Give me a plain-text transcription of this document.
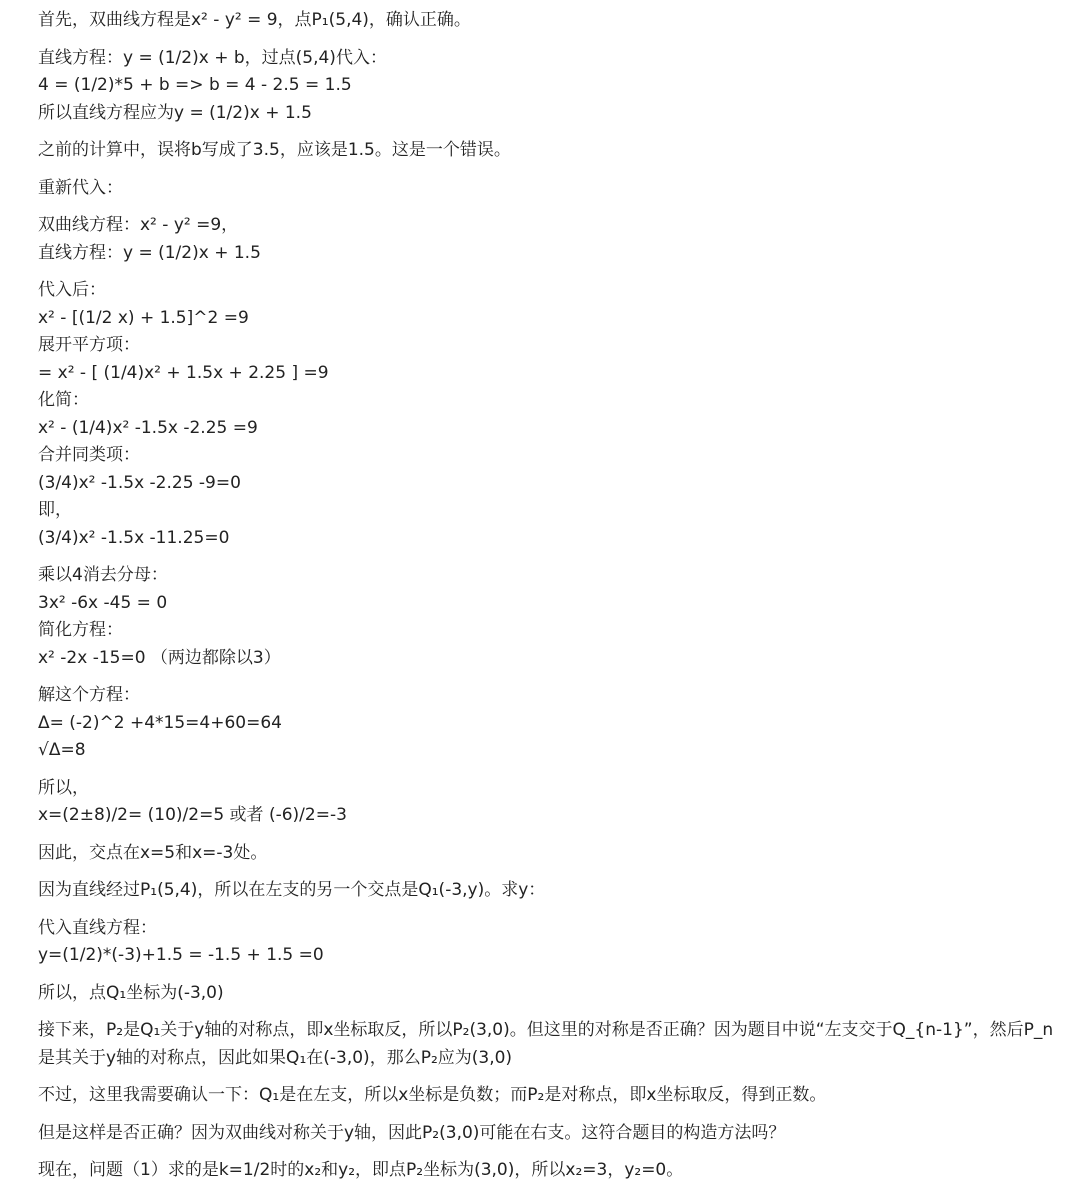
首先，双曲线方程是x² - y² = 9，点P₁(5,4)，确认正确。
直线方程：y = (1/2)x + b，过点(5,4)代入：
4 = (1/2)*5 + b => b = 4 - 2.5 = 1.5
所以直线方程应为y = (1/2)x + 1.5
之前的计算中，误将b写成了3.5，应该是1.5。这是一个错误。
重新代入：
双曲线方程：x² - y² =9，
直线方程：y = (1/2)x + 1.5
代入后：
x² - [(1/2 x) + 1.5]^2 =9
展开平方项：
= x² - [ (1/4)x² + 1.5x + 2.25 ] =9
化简：
x² - (1/4)x² -1.5x -2.25 =9
合并同类项：
(3/4)x² -1.5x -2.25 -9=0
即，
(3/4)x² -1.5x -11.25=0
乘以4消去分母：
3x² -6x -45 = 0
简化方程：
x² -2x -15=0 （两边都除以3）
解这个方程：
Δ= (-2)^2 +4*15=4+60=64
√Δ=8
所以，
x=(2±8)/2= (10)/2=5 或者 (-6)/2=-3
因此，交点在x=5和x=-3处。
因为直线经过P₁(5,4)，所以在左支的另一个交点是Q₁(-3,y)。求y：
代入直线方程：
y=(1/2)*(-3)+1.5 = -1.5 + 1.5 =0
所以，点Q₁坐标为(-3,0)
接下来，P₂是Q₁关于y轴的对称点，即x坐标取反，所以P₂(3,0)。但这里的对称是否正确？因为题目中说“左支交于Q_{n-1}”，然后P_n是其关于y轴的对称点，因此如果Q₁在(-3,0)，那么P₂应为(3,0)
不过，这里我需要确认一下：Q₁是在左支，所以x坐标是负数；而P₂是对称点，即x坐标取反，得到正数。
但是这样是否正确？因为双曲线对称关于y轴，因此P₂(3,0)可能在右支。这符合题目的构造方法吗？
现在，问题（1）求的是k=1/2时的x₂和y₂，即点P₂坐标为(3,0)，所以x₂=3，y₂=0。
